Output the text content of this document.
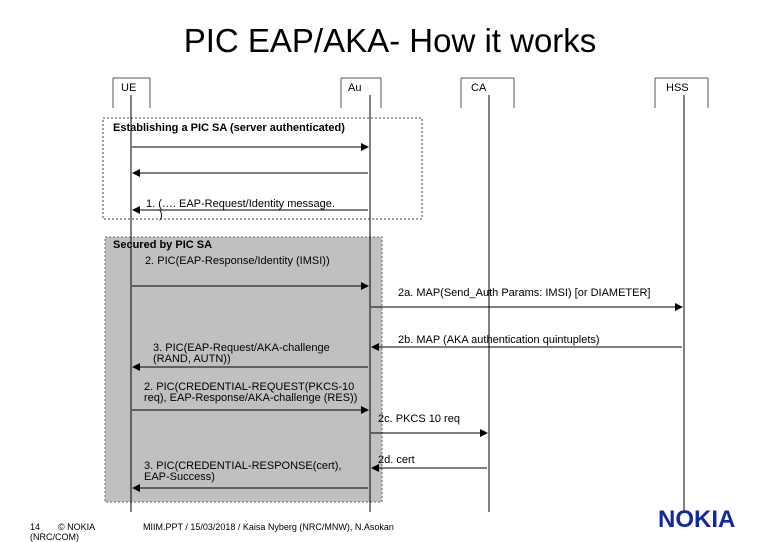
PIC EAP/AKA- How it works
UE	Au	CA	HSS
Establishing a PIC SA (server authenticated)
Secured by PIC SA
1. (…. EAP-Request/Identity message.
)
2. PIC(EAP-Response/Identity (IMSI))
2a. MAP(Send_Auth Params: IMSI) [or DIAMETER]
2b. MAP (AKA authentication quintuplets)
3. PIC(EAP-Request/AKA-challenge
(RAND, AUTN))
2. PIC(CREDENTIAL-REQUEST(PKCS-10
req), EAP-Response/AKA-challenge (RES))
2c. PKCS 10 req
2d. cert
3. PIC(CREDENTIAL-RESPONSE(cert),
EAP-Success)
14 © NOKIA
(NRC/COM)
MIIM.PPT / 15/03/2018 / Kaisa Nyberg (NRC/MNW), N.Asokan	NOKIA
